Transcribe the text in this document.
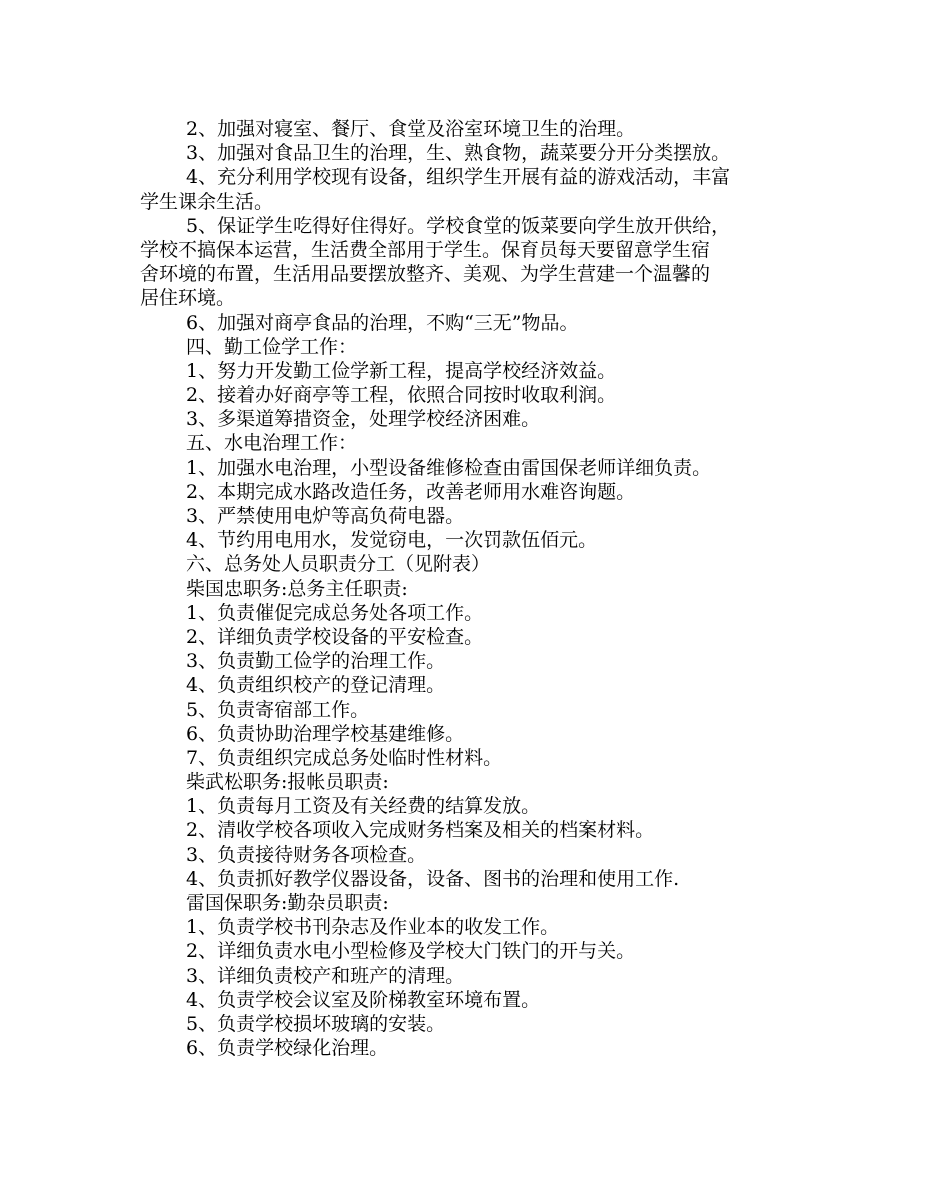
2、加强对寝室、餐厅、食堂及浴室环境卫生的治理。
3、加强对食品卫生的治理，生、熟食物，蔬菜要分开分类摆放。
4、充分利用学校现有设备，组织学生开展有益的游戏活动，丰富
学生课余生活。
5、保证学生吃得好住得好。学校食堂的饭菜要向学生放开供给，
学校不搞保本运营，生活费全部用于学生。保育员每天要留意学生宿
舍环境的布置，生活用品要摆放整齐、美观、为学生营建一个温馨的
居住环境。
6、加强对商亭食品的治理，不购“三无”物品。
四、勤工俭学工作：
1、努力开发勤工俭学新工程，提高学校经济效益。
2、接着办好商亭等工程，依照合同按时收取利润。
3、多渠道筹措资金，处理学校经济困难。
五、水电治理工作：
1、加强水电治理，小型设备维修检查由雷国保老师详细负责。
2、本期完成水路改造任务，改善老师用水难咨询题。
3、严禁使用电炉等高负荷电器。
4、节约用电用水，发觉窃电，一次罚款伍佰元。
六、总务处人员职责分工（见附表）
柴国忠职务:总务主任职责:
1、负责催促完成总务处各项工作。
2、详细负责学校设备的平安检查。
3、负责勤工俭学的治理工作。
4、负责组织校产的登记清理。
5、负责寄宿部工作。
6、负责协助治理学校基建维修。
7、负责组织完成总务处临时性材料。
柴武松职务:报帐员职责:
1、负责每月工资及有关经费的结算发放。
2、清收学校各项收入完成财务档案及相关的档案材料。
3、负责接待财务各项检查。
4、负责抓好教学仪器设备，设备、图书的治理和使用工作.
雷国保职务:勤杂员职责:
1、负责学校书刊杂志及作业本的收发工作。
2、详细负责水电小型检修及学校大门铁门的开与关。
3、详细负责校产和班产的清理。
4、负责学校会议室及阶梯教室环境布置。
5、负责学校损坏玻璃的安装。
6、负责学校绿化治理。
